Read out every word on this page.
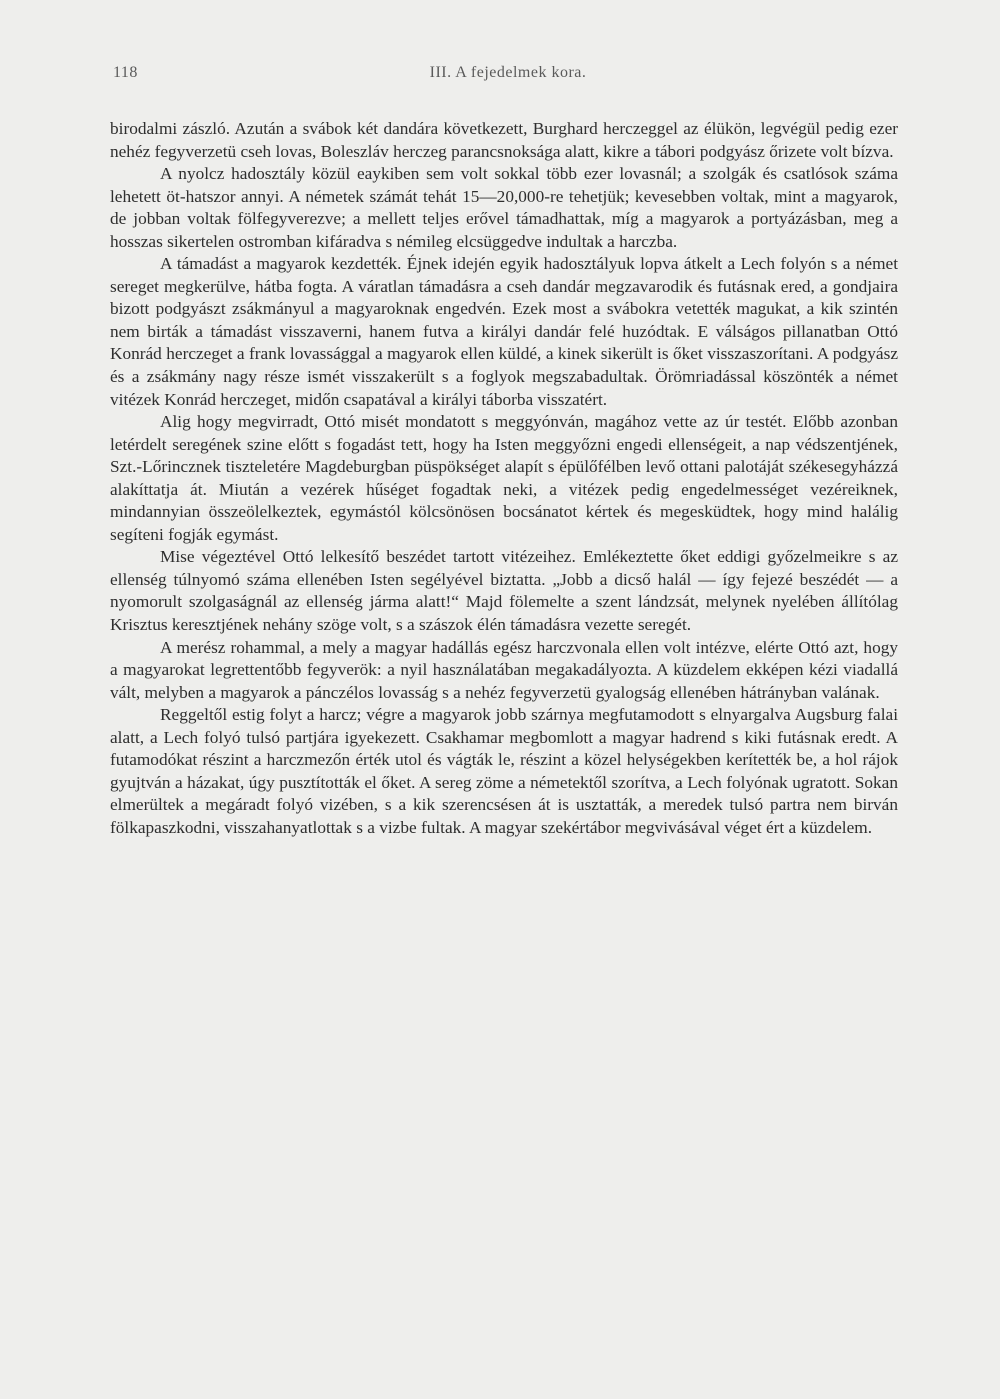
118	III. A fejedelmek kora.

birodalmi zászló. Azután a svábok két dandára következett, Burghard herczeggel az élükön, legvégül pedig ezer nehéz fegyverzetü cseh lovas, Boleszláv herczeg parancsnoksága alatt, kikre a tábori podgyász őrizete volt bízva.

A nyolcz hadosztály közül eaykiben sem volt sokkal több ezer lovasnál; a szolgák és csatlósok száma lehetett öt-hatszor annyi. A németek számát tehát 15—20,000-re tehetjük; kevesebben voltak, mint a magyarok, de jobban voltak fölfegyverezve; a mellett teljes erővel támadhattak, míg a magyarok a portyázásban, meg a hosszas sikertelen ostromban kifáradva s némileg elcsüggedve indultak a harczba.

A támadást a magyarok kezdették. Éjnek idején egyik hadosztályuk lopva átkelt a Lech folyón s a német sereget megkerülve, hátba fogta. A váratlan támadásra a cseh dandár megzavarodik és futásnak ered, a gondjaira bizott podgyászt zsákmányul a magyaroknak engedvén. Ezek most a svábokra vetették magukat, a kik szintén nem birták a támadást visszaverni, hanem futva a királyi dandár felé huzódtak. E válságos pillanatban Ottó Konrád herczeget a frank lovassággal a magyarok ellen küldé, a kinek sikerült is őket visszaszorítani. A podgyász és a zsákmány nagy része ismét visszakerült s a foglyok megszabadultak. Örömriadással köszönték a német vitézek Konrád herczeget, midőn csapatával a királyi táborba visszatért.

Alig hogy megvirradt, Ottó misét mondatott s meggyónván, magához vette az úr testét. Előbb azonban letérdelt seregének szine előtt s fogadást tett, hogy ha Isten meggyőzni engedi ellenségeit, a nap védszentjének, Szt.-Lőrincznek tiszteletére Magdeburgban püspökséget alapít s épülőfélben levő ottani palotáját székesegyházzá alakíttatja át. Miután a vezérek hűséget fogadtak neki, a vitézek pedig engedelmességet vezéreiknek, mindannyian összeölelkeztek, egymástól kölcsönösen bocsánatot kértek és megesküdtek, hogy mind halálig segíteni fogják egymást.

Mise végeztével Ottó lelkesítő beszédet tartott vitézeihez. Emlékeztette őket eddigi győzelmeikre s az ellenség túlnyomó száma ellenében Isten segélyével biztatta. „Jobb a dicső halál — így fejezé beszédét — a nyomorult szolgaságnál az ellenség járma alatt!“ Majd fölemelte a szent lándzsát, melynek nyelében állítólag Krisztus keresztjének nehány szöge volt, s a szászok élén támadásra vezette seregét.

A merész rohammal, a mely a magyar hadállás egész harczvonala ellen volt intézve, elérte Ottó azt, hogy a magyarokat legrettentőbb fegyverök: a nyil használatában megakadályozta. A küzdelem ekképen kézi viadallá vált, melyben a magyarok a pánczélos lovasság s a nehéz fegyverzetü gyalogság ellenében hátrányban valának.

Reggeltől estig folyt a harcz; végre a magyarok jobb szárnya megfutamodott s elnyargalva Augsburg falai alatt, a Lech folyó tulsó partjára igyekezett. Csakhamar megbomlott a magyar hadrend s kiki futásnak eredt. A futamodókat részint a harczmezőn érték utol és vágták le, részint a közel helységekben kerítették be, a hol rájok gyujtván a házakat, úgy pusztították el őket. A sereg zöme a németektől szorítva, a Lech folyónak ugratott. Sokan elmerültek a megáradt folyó vizében, s a kik szerencsésen át is usztatták, a meredek tulsó partra nem birván fölkapaszkodni, visszahanyatlottak s a vizbe fultak. A magyar szekértábor megvivásával véget ért a küzdelem.
